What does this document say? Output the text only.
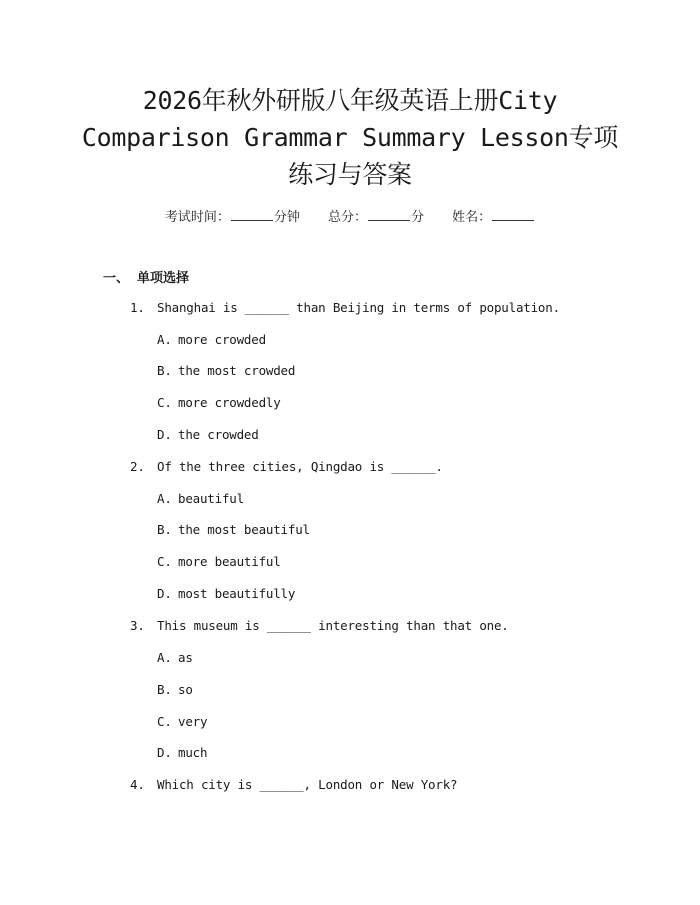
2026年秋外研版八年级英语上册City
Comparison Grammar Summary Lesson专项
练习与答案
考试时间：	分钟 总分：	分 姓名：
一、 单项选择
1. Shanghai is ______ than Beijing in terms of population.
A. more crowded
B. the most crowded
C. more crowdedly
D. the crowded
2. Of the three cities, Qingdao is ______.
A. beautiful
B. the most beautiful
C. more beautiful
D. most beautifully
3. This museum is ______ interesting than that one.
A. as
B. so
C. very
D. much
4. Which city is ______, London or New York?
